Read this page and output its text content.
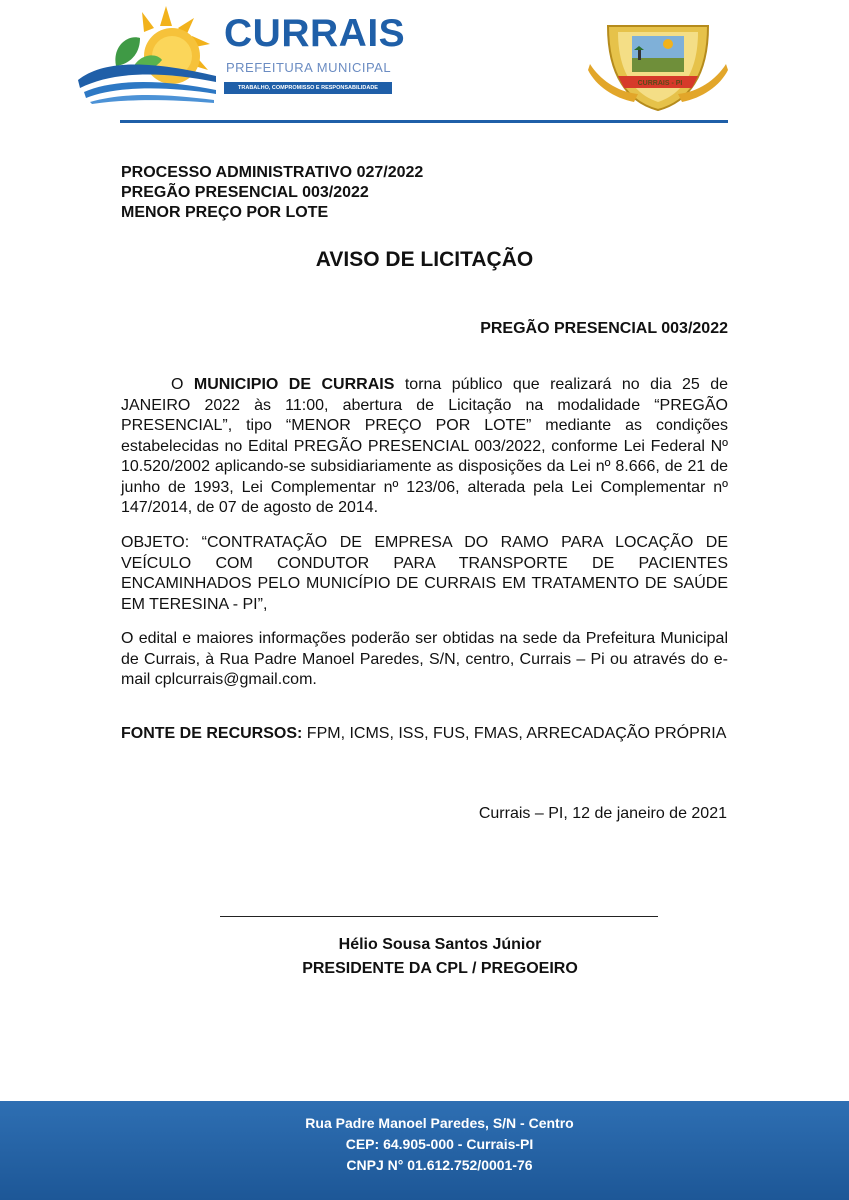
CURRAIS
PREFEITURA MUNICIPAL
TRABALHO, COMPROMISSO E RESPONSABILIDADE
CURRAIS - PI
PROCESSO ADMINISTRATIVO 027/2022
PREGÃO PRESENCIAL 003/2022
MENOR PREÇO POR LOTE
AVISO DE LICITAÇÃO
PREGÃO PRESENCIAL 003/2022
O MUNICIPIO DE CURRAIS torna público que realizará no dia 25 de JANEIRO 2022 às 11:00, abertura de Licitação na modalidade “PREGÃO PRESENCIAL”, tipo “MENOR PREÇO POR LOTE” mediante as condições estabelecidas no Edital PREGÃO PRESENCIAL 003/2022, conforme Lei Federal Nº 10.520/2002 aplicando-se subsidiariamente as disposições da Lei nº 8.666, de 21 de junho de 1993, Lei Complementar nº 123/06, alterada pela Lei Complementar nº 147/2014, de 07 de agosto de 2014.
OBJETO: “CONTRATAÇÃO DE EMPRESA DO RAMO PARA LOCAÇÃO DE VEÍCULO COM CONDUTOR PARA TRANSPORTE DE PACIENTES ENCAMINHADOS PELO MUNICÍPIO DE CURRAIS EM TRATAMENTO DE SAÚDE EM TERESINA - PI”,
O edital e maiores informações poderão ser obtidas na sede da Prefeitura Municipal de Currais, à Rua Padre Manoel Paredes, S/N, centro, Currais – Pi ou através do e-mail cplcurrais@gmail.com.
FONTE DE RECURSOS: FPM, ICMS, ISS, FUS, FMAS, ARRECADAÇÃO PRÓPRIA
Currais – PI, 12 de janeiro de 2021
Hélio Sousa Santos Júnior
PRESIDENTE DA CPL / PREGOEIRO
Rua Padre Manoel Paredes, S/N - Centro
CEP: 64.905-000 - Currais-PI
CNPJ N° 01.612.752/0001-76
